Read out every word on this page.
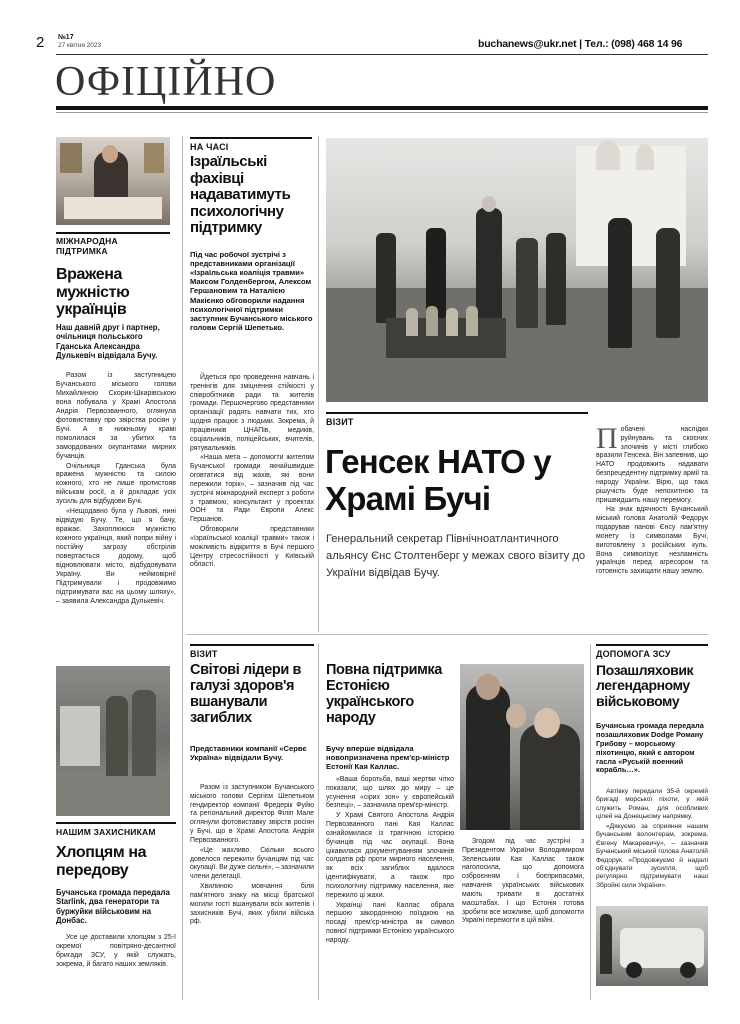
2 №17
27 квітня 2023	buchanews@ukr.net | Тел.: (098) 468 14 96
ОФІЦІЙНО
МІЖНАРОДНА ПІДТРИМКА
Вражена мужністю українців
Наш давній друг і партнер, очільниця польського Гданська Александра Дулькевіч відвідала Бучу.

Разом із заступницею Бучанського міського голови Михайлиною Скорик-Шкарівською вона побувала у Храмі Апостола Андрія Первозванного, оглянула фотовиставку про звірства росіян у Бучі. А в нижньому храмі помолилася за убитих та замордованих окупантами мирних бучанців.

Очільниця Гданська була вражена мужністю та силою кожного, хто не лише протистояв військам росії, а й докладає усіх зусиль для відбудови Бучі.

«Нещодавно була у Львові, нині відвідую Бучу. Те, що я бачу, вражає. Захоплююся мужністю кожного українця, який попри війну і постійну загрозу обстрілів повертається додому, щоб відновлювати місто, відбудовувати Україну. Ви неймовірні! Підтримували і продовжимо підтримувати вас на цьому шляху», – заявила Александра Дулькевіч.

НАШИМ ЗАХИСНИКАМ
Хлопцям на передову
Бучанська громада передала Starlink, два генератори та буржуйки військовим на Донбас.

Усе це доставили хлопцям з 25-ї окремої повітряно-десантної бригади ЗСУ, у якій служать, зокрема, й багато наших земляків.

НА ЧАСІ
Ізраїльські фахівці надаватимуть психологічну підтримку
Під час робочої зустрічі з представниками організації «Ізраїльська коаліція травми» Максом Голденбергом, Алексом Гершановим та Наталією Макієнко обговорили надання психологічної підтримки заступник Бучанського міського голови Сергій Шепетько.

Йдеться про проведення навчань і тренінгів для зміцнення стійкості у співробітників ради та жителів громади. Першочергово представники організації радять навчати тих, хто щодня працює з людьми. Зокрема, й працівників ЦНАПів, медиків, соціальників, поліцейських, вчителів, рятувальників.

«Наша мета – допомогти жителям Бучанської громади якнайшвидше оговтатися від жахів, які вони пережили торік», – зазначив під час зустрічі міжнародний експерт з роботи з травмою, консультант у проектах ООН та Ради Європи Алекс Гершанов.

Обговорили представники «Ізраїльської коаліції травми» також і можливість відкриття в Бучі першого Центру стресостійкості у Київській області.

ВІЗИТ
Генсек НАТО у Храмі Бучі
Генеральний секретар Північноатлантичного альянсу Єнс Столтенберг у межах свого візиту до України відвідав Бучу.

Побачені наслідки руйнувань та скоєних злочинів у місті глибоко вразили Генсека. Він запевнив, що НАТО продовжить надавати безпрецедентну підтримку армії та народу України. Вірю, що така рішучість буде непохитною та пришвидшить нашу перемогу.

На знак вдячності Бучанський міський голова Анатолій Федорук подарував панові Єнсу пам'ятну монету із символами Бучі, виготовлену з російських куль. Вона символізує незламність українців перед агресором та готовність захищати нашу землю.

ВІЗИТ
Світові лідери в галузі здоров'я вшанували загиблих
Представники компанії «Сервє Україна» відвідали Бучу.

Разом із заступником Бучанського міського голови Сергієм Шепетьком гендиректор компанії Фредерік Фуйю та регіональний директор Філіп Мале оглянули фотовиставку звірств росіян у Бучі, що в Храмі Апостола Андрія Первозванного.

«Це жахливо. Скільки всього довелося пережити бучанцям під час окупації. Ви дуже сильні», – зазначили члени делегації.

Хвилиною мовчання біля пам'ятного знаку на місці братської могили гості вшанували всіх жителів і захисників Бучі, яких убили війська рф.

Повна підтримка Естонією українського народу
Бучу вперше відвідала новопризначена прем'єр-міністр Естонії Кая Каллас.

«Ваша боротьба, ваші жертви чітко показали, що шлях до миру – це усунення «сірих зон» у європейській безпеці», – зазначила прем'єр-міністр.

У Храмі Святого Апостола Андрія Первозванного пані Кая Каллас ознайомилася із трагічною історією бучанців під час окупації. Вона цікавилася документуванням злочинів солдатів рф проти мирного населення, як всіх загиблих вдалося ідентифікувати, а також про психологічну підтримку населення, яке пережило ці жахи.

Українці пані Каллас обрала першою закордонною поїздкою на посаді прем'єр-міністра як символ повної підтримки Естонією українського народу.

Згодом під час зустрічі з Президентом України Володимиром Зеленським Кая Каллас також наголосила, що допомога озброєнням і боєприпасами, навчання українських військових мають тривати в достатніх масштабах. І що Естонія готова зробити все можливе, щоб допомогти Україні перемогти в цій війні.

ДОПОМОГА ЗСУ
Позашляховик легендарному військовому
Бучанська громада передала позашляховик Dodge Роману Грибову – морському піхотинцю, який є автором гасла «Руській военний корабль…».

Автівку передали 35-й окремій бригаді морської піхоти, у якій служить Роман, для особливих цілей на Донецькому напрямку.

«Дякуємо за сприяння нашим бучанським волонтерам, зокрема, Євгену Макаревичу», – зазначив Бучанський міський голова Анатолій Федорук. «Продовжуємо й надалі об'єднувати зусилля, щоб регулярно підтримувати наші Збройні сили України».
